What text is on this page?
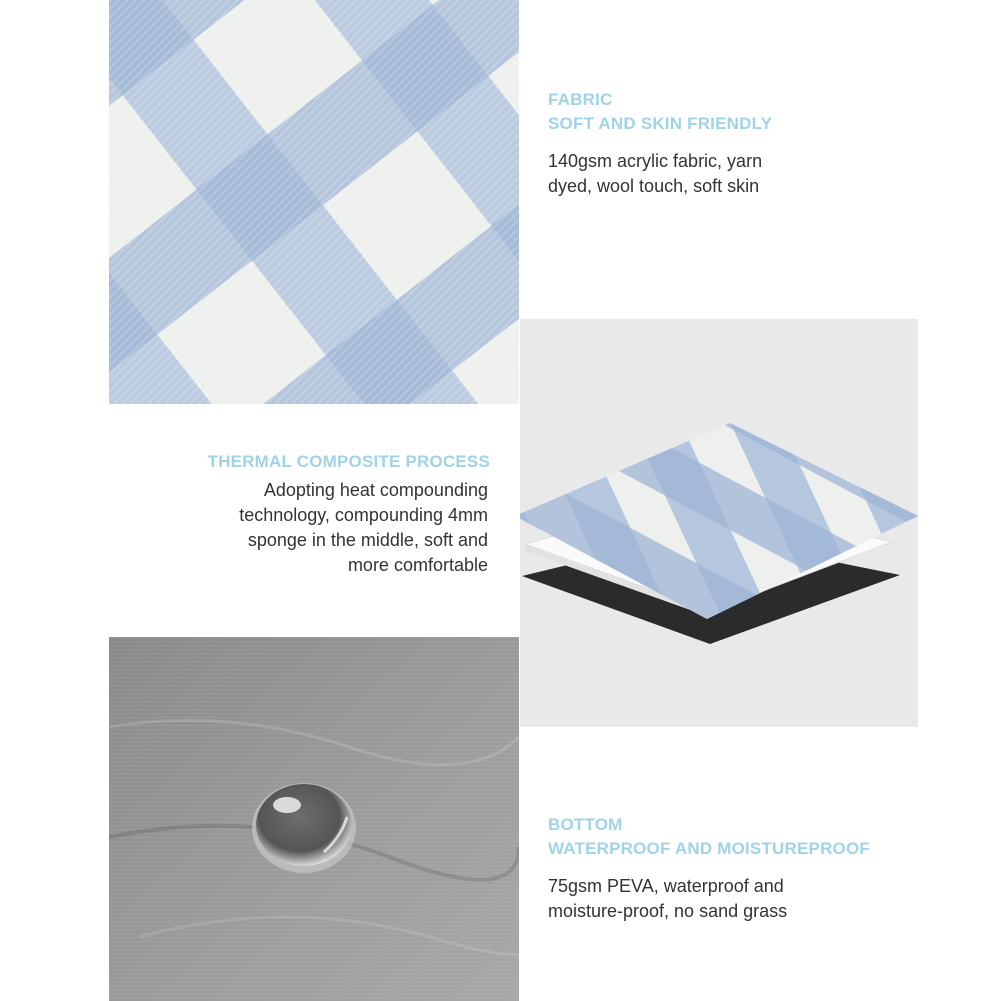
FABRIC
SOFT AND SKIN FRIENDLY

140gsm acrylic fabric, yarn
dyed, wool touch, soft skin

THERMAL COMPOSITE PROCESS

Adopting heat compounding
technology, compounding 4mm
sponge in the middle, soft and
more comfortable

BOTTOM
WATERPROOF AND MOISTUREPROOF

75gsm PEVA, waterproof and
moisture-proof, no sand grass
